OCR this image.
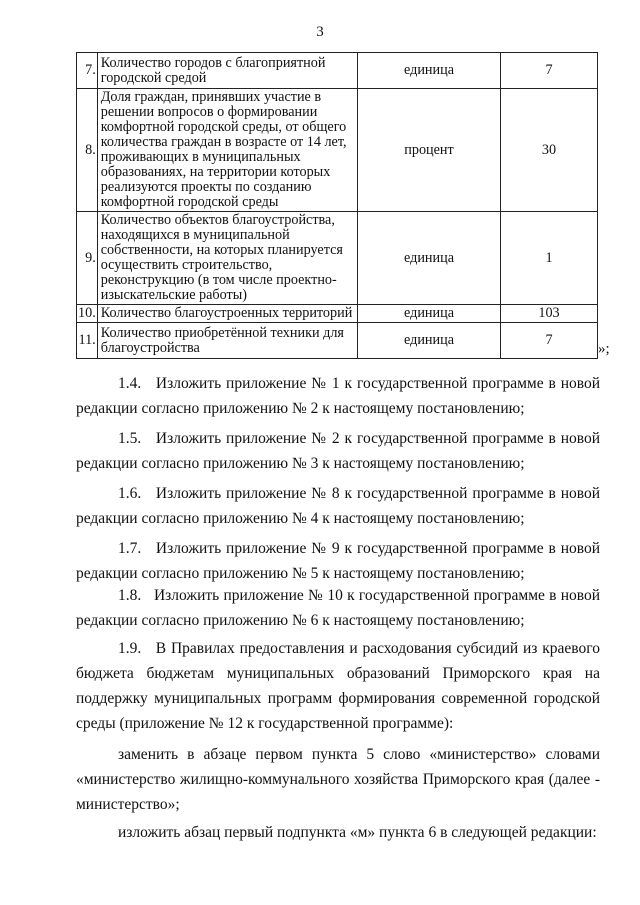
3
7.	Количество городов с благоприятной городской средой	единица	7
8.	Доля граждан, принявших участие в решении вопросов о формировании комфортной городской среды, от общего количества граждан в возрасте от 14 лет, проживающих в муниципальных образованиях, на территории которых реализуются проекты по созданию комфортной городской среды	процент	30
9.	Количество объектов благоустройства, находящихся в муниципальной собственности, на которых планируется осуществить строительство, реконструкцию (в том числе проектно-изыскательские работы)	единица	1
10.	Количество благоустроенных территорий	единица	103
11.	Количество приобретённой техники для благоустройства	единица	7
»;
1.4.   Изложить приложение № 1 к государственной программе в новой редакции согласно приложению № 2 к настоящему постановлению;
1.5.   Изложить приложение № 2 к государственной программе в новой редакции согласно приложению № 3 к настоящему постановлению;
1.6.   Изложить приложение № 8 к государственной программе в новой редакции согласно приложению № 4 к настоящему постановлению;
1.7.   Изложить приложение № 9 к государственной программе в новой редакции согласно приложению № 5 к настоящему постановлению;
1.8.   Изложить приложение № 10 к государственной программе в новой редакции согласно приложению № 6 к настоящему постановлению;
1.9.   В Правилах предоставления и расходования субсидий из краевого бюджета бюджетам муниципальных образований Приморского края на поддержку муниципальных программ формирования современной городской среды (приложение № 12 к государственной программе):
заменить в абзаце первом пункта 5 слово «министерство» словами «министерство жилищно-коммунального хозяйства Приморского края (далее - министерство»;
изложить абзац первый подпункта «м» пункта 6 в следующей редакции:
